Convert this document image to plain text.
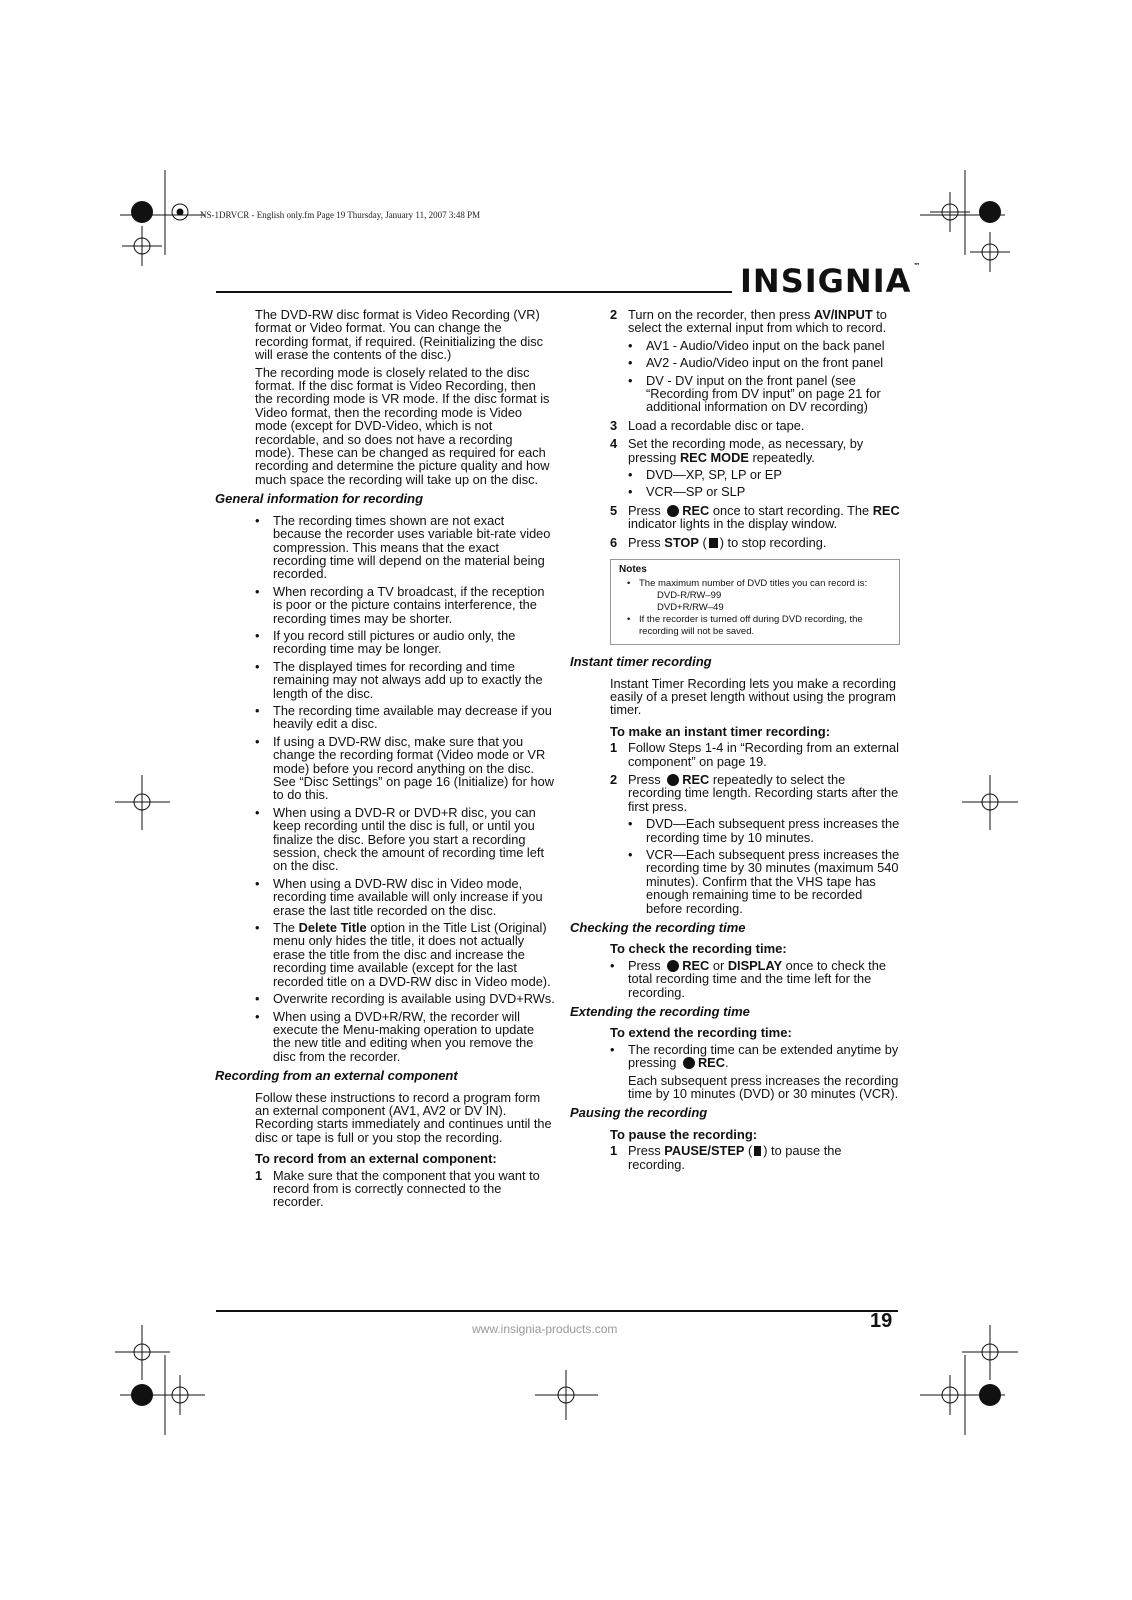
NS-1DRVCR - English only.fm Page 19 Thursday, January 11, 2007 3:48 PM
INSIGNIA ™

The DVD-RW disc format is Video Recording (VR) format or Video format. You can change the recording format, if required. (Reinitializing the disc will erase the contents of the disc.)

The recording mode is closely related to the disc format. If the disc format is Video Recording, then the recording mode is VR mode. If the disc format is Video format, then the recording mode is Video mode (except for DVD-Video, which is not recordable, and so does not have a recording mode). These can be changed as required for each recording and determine the picture quality and how much space the recording will take up on the disc.

General information for recording
• The recording times shown are not exact because the recorder uses variable bit-rate video compression. This means that the exact recording time will depend on the material being recorded.
• When recording a TV broadcast, if the reception is poor or the picture contains interference, the recording times may be shorter.
• If you record still pictures or audio only, the recording time may be longer.
• The displayed times for recording and time remaining may not always add up to exactly the length of the disc.
• The recording time available may decrease if you heavily edit a disc.
• If using a DVD-RW disc, make sure that you change the recording format (Video mode or VR mode) before you record anything on the disc. See “Disc Settings” on page 16 (Initialize) for how to do this.
• When using a DVD-R or DVD+R disc, you can keep recording until the disc is full, or until you finalize the disc. Before you start a recording session, check the amount of recording time left on the disc.
• When using a DVD-RW disc in Video mode, recording time available will only increase if you erase the last title recorded on the disc.
• The Delete Title option in the Title List (Original) menu only hides the title, it does not actually erase the title from the disc and increase the recording time available (except for the last recorded title on a DVD-RW disc in Video mode).
• Overwrite recording is available using DVD+RWs.
• When using a DVD+R/RW, the recorder will execute the Menu-making operation to update the new title and editing when you remove the disc from the recorder.
Recording from an external component

Follow these instructions to record a program form an external component (AV1, AV2 or DV IN). Recording starts immediately and continues until the disc or tape is full or you stop the recording.

To record from an external component:
1 Make sure that the component that you want to record from is correctly connected to the recorder.
2 Turn on the recorder, then press AV/INPUT to select the external input from which to record.
• AV1 - Audio/Video input on the back panel
• AV2 - Audio/Video input on the front panel
• DV - DV input on the front panel (see “Recording from DV input” on page 21 for additional information on DV recording)
3 Load a recordable disc or tape.
4 Set the recording mode, as necessary, by pressing REC MODE repeatedly.
• DVD—XP, SP, LP or EP
• VCR—SP or SLP
5 Press REC once to start recording. The REC indicator lights in the display window.
6 Press STOP ( ) to stop recording.
Notes
• The maximum number of DVD titles you can record is:
DVD-R/RW–99
DVD+R/RW–49
• If the recorder is turned off during DVD recording, the recording will not be saved.
Instant timer recording

Instant Timer Recording lets you make a recording easily of a preset length without using the program timer.

To make an instant timer recording:
1 Follow Steps 1-4 in “Recording from an external component” on page 19.
2 Press REC repeatedly to select the recording time length. Recording starts after the first press.
• DVD—Each subsequent press increases the recording time by 10 minutes.
• VCR—Each subsequent press increases the recording time by 30 minutes (maximum 540 minutes). Confirm that the VHS tape has enough remaining time to be recorded before recording.
Checking the recording time
To check the recording time:
• Press REC or DISPLAY once to check the total recording time and the time left for the recording.
Extending the recording time
To extend the recording time:
• The recording time can be extended anytime by pressing REC.

Each subsequent press increases the recording time by 10 minutes (DVD) or 30 minutes (VCR).

Pausing the recording
To pause the recording:
1 Press PAUSE/STEP ( ) to pause the recording.
www.insignia-products.com	19
